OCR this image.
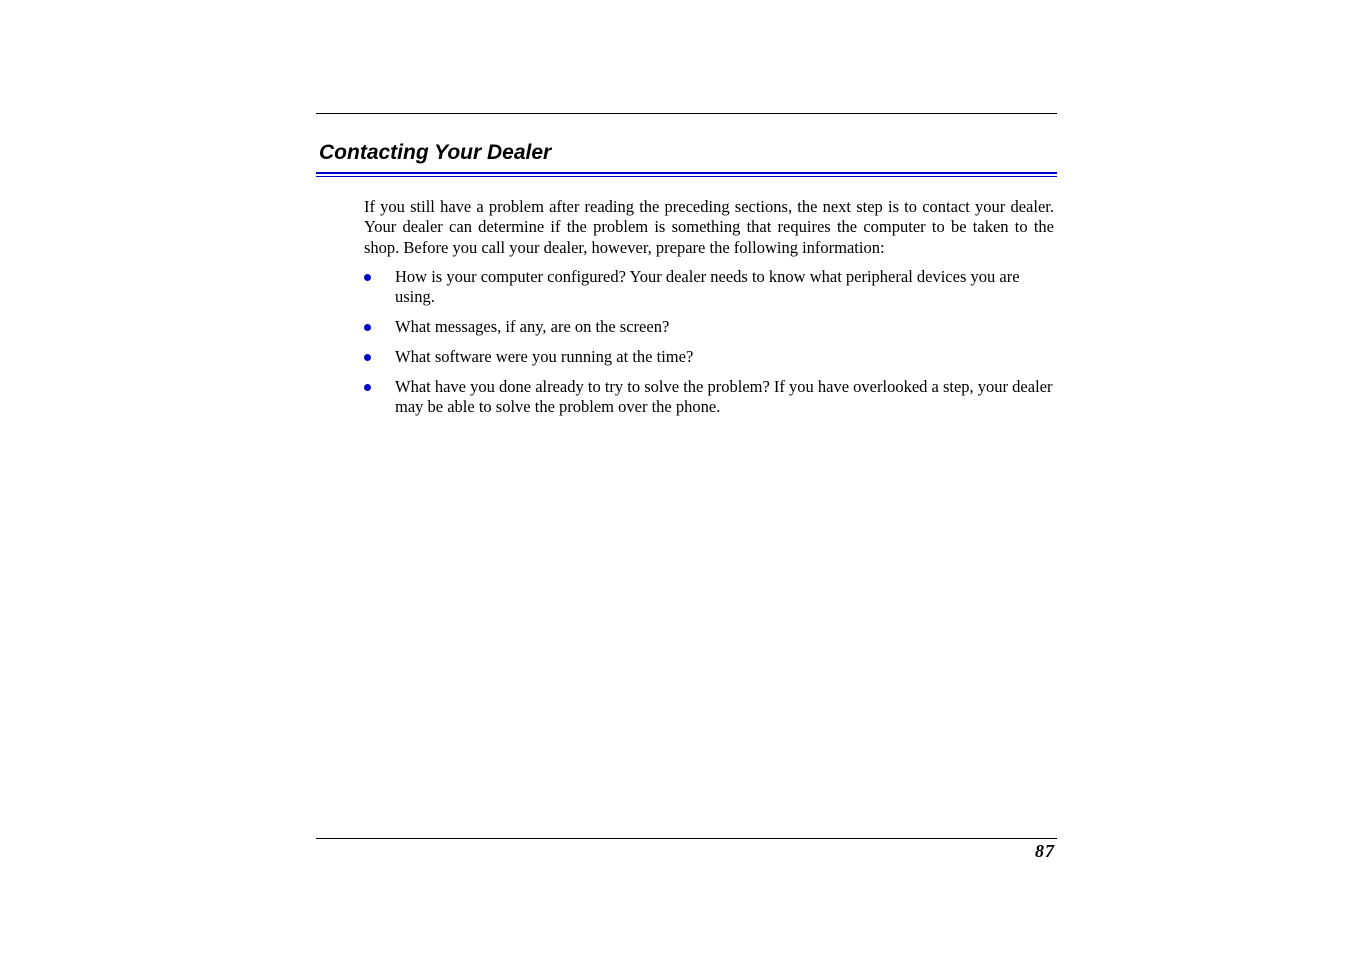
Contacting Your Dealer

If you still have a problem after reading the preceding sections, the next step is to contact your dealer. Your dealer can determine if the problem is something that requires the computer to be taken to the shop. Before you call your dealer, however, prepare the following information:

How is your computer configured? Your dealer needs to know what peripheral devices you are using.
What messages, if any, are on the screen?
What software were you running at the time?
What have you done already to try to solve the problem? If you have overlooked a step, your dealer may be able to solve the problem over the phone.
87
